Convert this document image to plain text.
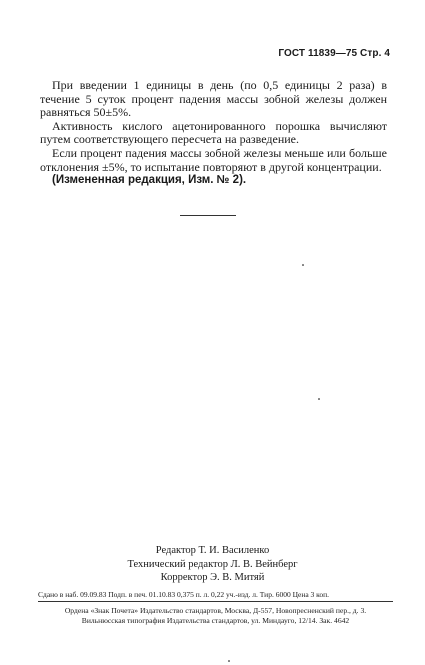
ГОСТ 11839—75 Стр. 4

При введении 1 единицы в день (по 0,5 единицы 2 раза) в течение 5 суток процент падения массы зобной железы должен равняться 50±5%.

Активность кислого ацетонированного порошка вычисляют путем соответствующего пересчета на разведение.

Если процент падения массы зобной железы меньше или больше отклонения ±5%, то испытание повторяют в другой концентрации.

(Измененная редакция, Изм. № 2).

Редактор Т. И. Василенко
Технический редактор Л. В. Вейнберг
Корректор Э. В. Митяй
Сдано в наб. 09.09.83 Подп. в печ. 01.10.83 0,375 п. л. 0,22 уч.-изд. л. Тир. 6000 Цена 3 коп.
Ордена «Знак Почета» Издательство стандартов, Москва, Д-557, Новопресненский пер., д. 3.
Вильнюсская типография Издательства стандартов, ул. Миндауго, 12/14. Зак. 4642
